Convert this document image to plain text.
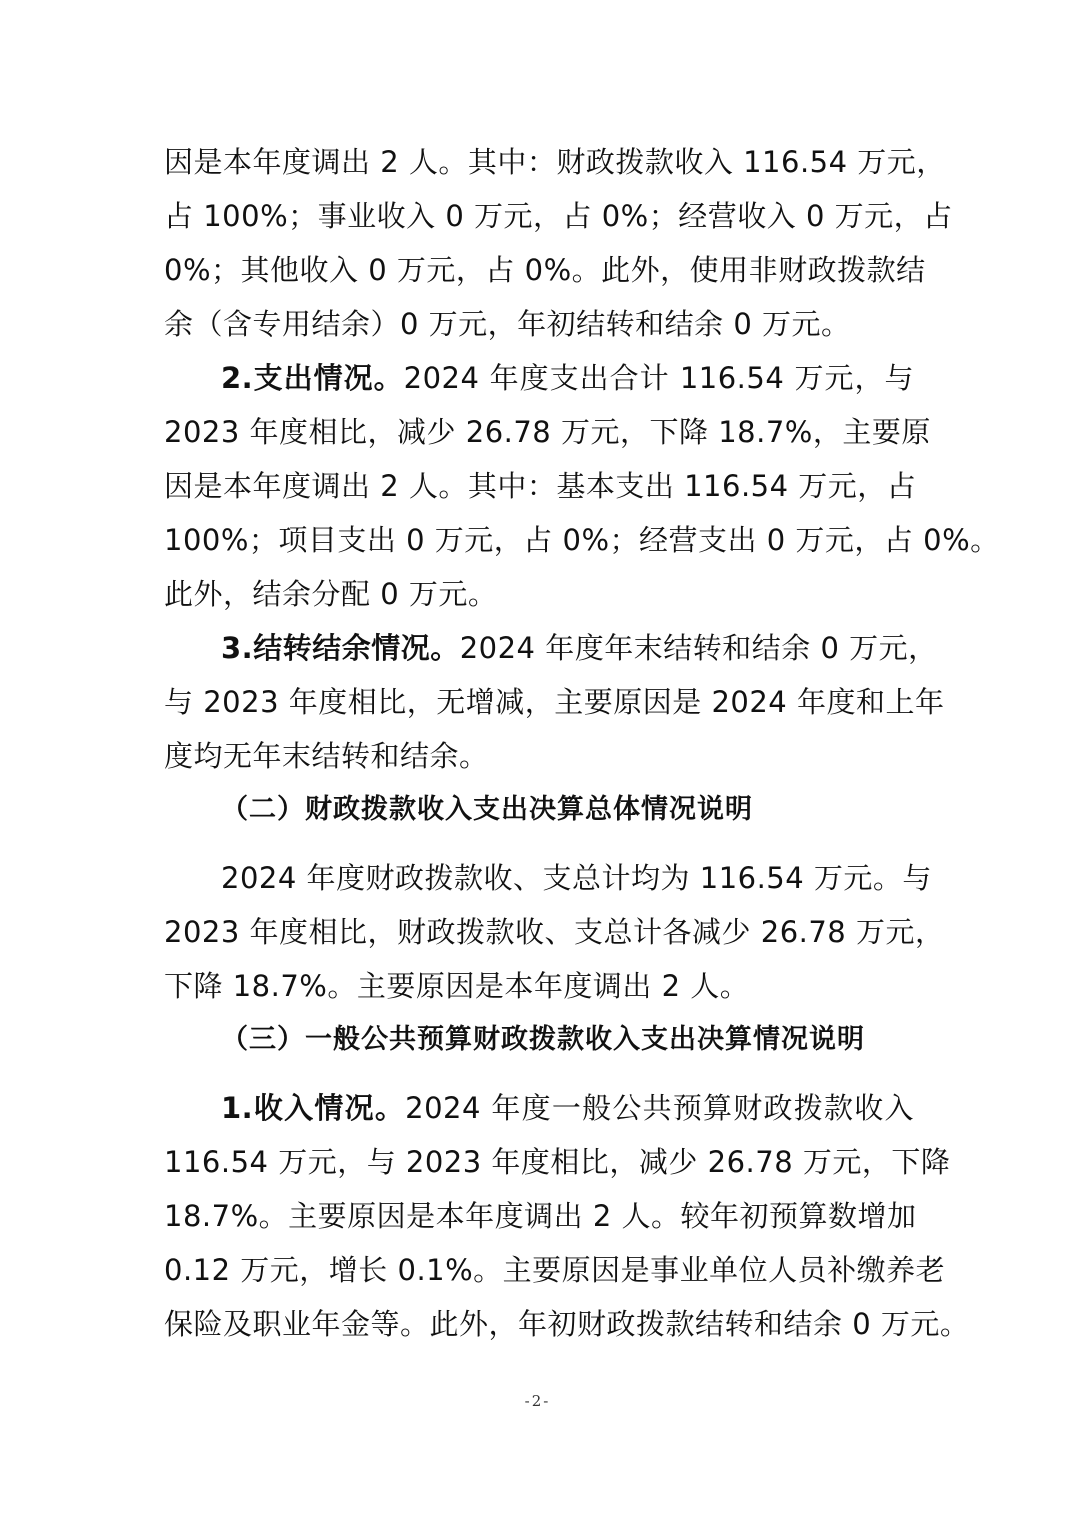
因是本年度调出 2 人。其中：财政拨款收入 116.54 万元，
占 100%；事业收入 0 万元，占 0%；经营收入 0 万元，占
0%；其他收入 0 万元，占 0%。此外，使用非财政拨款结
余（含专用结余）0 万元，年初结转和结余 0 万元。
2.支出情况。2024 年度支出合计 116.54 万元，与
2023 年度相比，减少 26.78 万元，下降 18.7%，主要原
因是本年度调出 2 人。其中：基本支出 116.54 万元，占
100%；项目支出 0 万元，占 0%；经营支出 0 万元，占 0%。
此外，结余分配 0 万元。
3.结转结余情况。2024 年度年末结转和结余 0 万元，
与 2023 年度相比，无增减，主要原因是 2024 年度和上年
度均无年末结转和结余。
（二）财政拨款收入支出决算总体情况说明
2024 年度财政拨款收、支总计均为 116.54 万元。与
2023 年度相比，财政拨款收、支总计各减少 26.78 万元，
下降 18.7%。主要原因是本年度调出 2 人。
（三）一般公共预算财政拨款收入支出决算情况说明
1.收入情况。2024 年度一般公共预算财政拨款收入
116.54 万元，与 2023 年度相比，减少 26.78 万元，下降
18.7%。主要原因是本年度调出 2 人。较年初预算数增加
0.12 万元，增长 0.1%。主要原因是事业单位人员补缴养老
保险及职业年金等。此外，年初财政拨款结转和结余 0 万元。
-2-
